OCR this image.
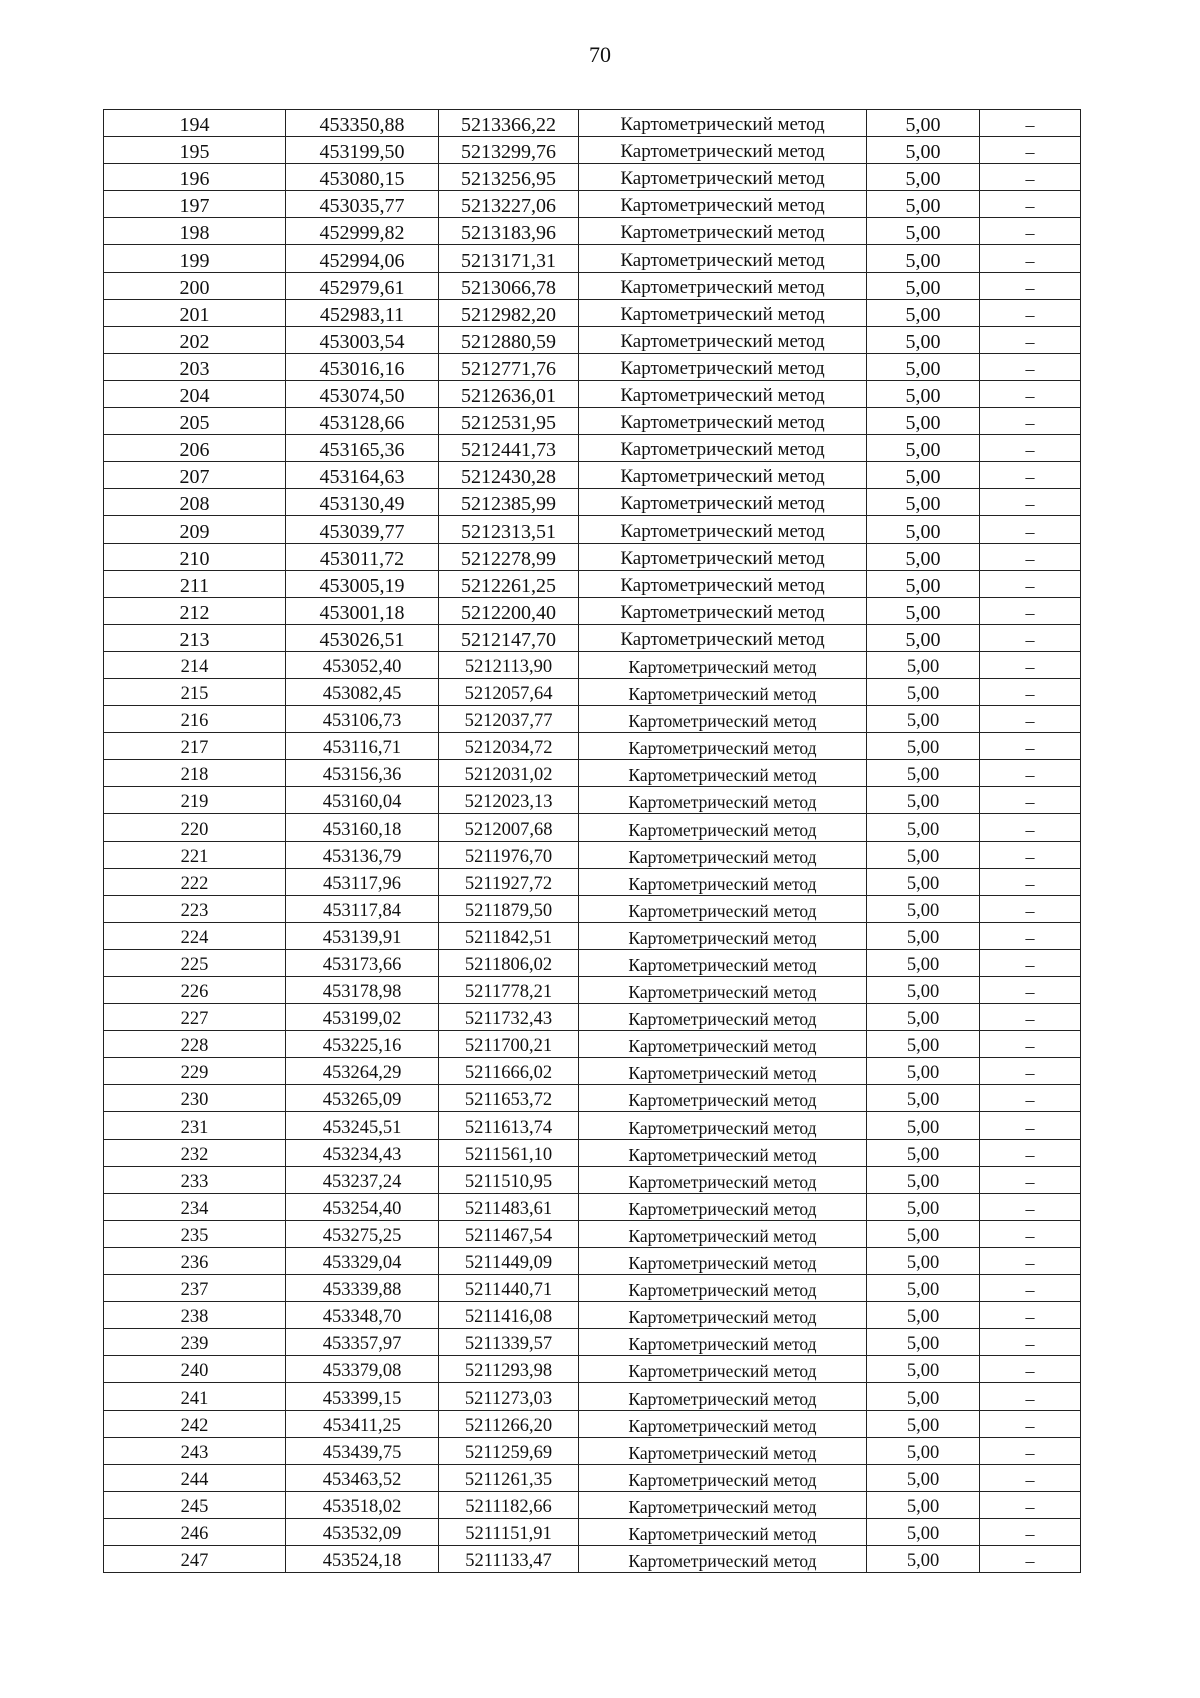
70
194	453350,88	5213366,22	Картометрический метод	5,00	–
195	453199,50	5213299,76	Картометрический метод	5,00	–
196	453080,15	5213256,95	Картометрический метод	5,00	–
197	453035,77	5213227,06	Картометрический метод	5,00	–
198	452999,82	5213183,96	Картометрический метод	5,00	–
199	452994,06	5213171,31	Картометрический метод	5,00	–
200	452979,61	5213066,78	Картометрический метод	5,00	–
201	452983,11	5212982,20	Картометрический метод	5,00	–
202	453003,54	5212880,59	Картометрический метод	5,00	–
203	453016,16	5212771,76	Картометрический метод	5,00	–
204	453074,50	5212636,01	Картометрический метод	5,00	–
205	453128,66	5212531,95	Картометрический метод	5,00	–
206	453165,36	5212441,73	Картометрический метод	5,00	–
207	453164,63	5212430,28	Картометрический метод	5,00	–
208	453130,49	5212385,99	Картометрический метод	5,00	–
209	453039,77	5212313,51	Картометрический метод	5,00	–
210	453011,72	5212278,99	Картометрический метод	5,00	–
211	453005,19	5212261,25	Картометрический метод	5,00	–
212	453001,18	5212200,40	Картометрический метод	5,00	–
213	453026,51	5212147,70	Картометрический метод	5,00	–
214	453052,40	5212113,90	Картометрический метод	5,00	–
215	453082,45	5212057,64	Картометрический метод	5,00	–
216	453106,73	5212037,77	Картометрический метод	5,00	–
217	453116,71	5212034,72	Картометрический метод	5,00	–
218	453156,36	5212031,02	Картометрический метод	5,00	–
219	453160,04	5212023,13	Картометрический метод	5,00	–
220	453160,18	5212007,68	Картометрический метод	5,00	–
221	453136,79	5211976,70	Картометрический метод	5,00	–
222	453117,96	5211927,72	Картометрический метод	5,00	–
223	453117,84	5211879,50	Картометрический метод	5,00	–
224	453139,91	5211842,51	Картометрический метод	5,00	–
225	453173,66	5211806,02	Картометрический метод	5,00	–
226	453178,98	5211778,21	Картометрический метод	5,00	–
227	453199,02	5211732,43	Картометрический метод	5,00	–
228	453225,16	5211700,21	Картометрический метод	5,00	–
229	453264,29	5211666,02	Картометрический метод	5,00	–
230	453265,09	5211653,72	Картометрический метод	5,00	–
231	453245,51	5211613,74	Картометрический метод	5,00	–
232	453234,43	5211561,10	Картометрический метод	5,00	–
233	453237,24	5211510,95	Картометрический метод	5,00	–
234	453254,40	5211483,61	Картометрический метод	5,00	–
235	453275,25	5211467,54	Картометрический метод	5,00	–
236	453329,04	5211449,09	Картометрический метод	5,00	–
237	453339,88	5211440,71	Картометрический метод	5,00	–
238	453348,70	5211416,08	Картометрический метод	5,00	–
239	453357,97	5211339,57	Картометрический метод	5,00	–
240	453379,08	5211293,98	Картометрический метод	5,00	–
241	453399,15	5211273,03	Картометрический метод	5,00	–
242	453411,25	5211266,20	Картометрический метод	5,00	–
243	453439,75	5211259,69	Картометрический метод	5,00	–
244	453463,52	5211261,35	Картометрический метод	5,00	–
245	453518,02	5211182,66	Картометрический метод	5,00	–
246	453532,09	5211151,91	Картометрический метод	5,00	–
247	453524,18	5211133,47	Картометрический метод	5,00	–
